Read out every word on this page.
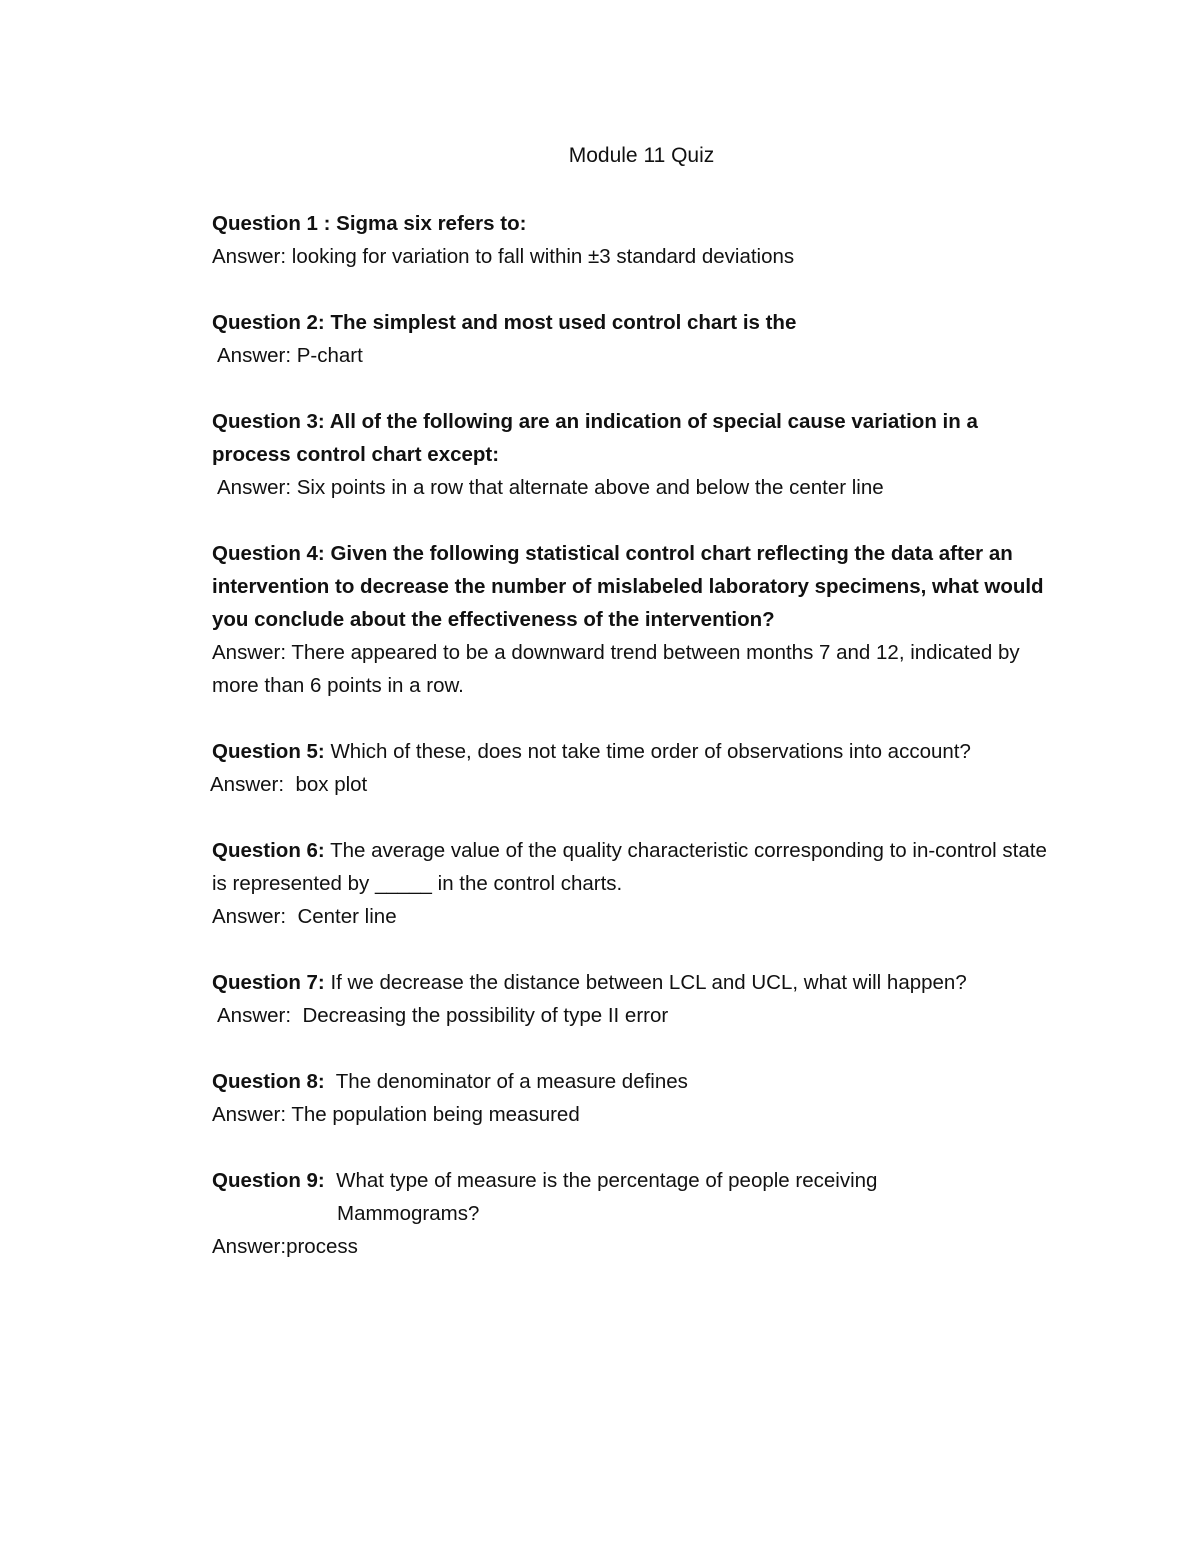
Module 11 Quiz
Question 1 : Sigma six refers to:
Answer: looking for variation to fall within ±3 standard deviations
Question 2: The simplest and most used control chart is the
Answer: P-chart
Question 3: All of the following are an indication of special cause variation in a process control chart except:
Answer: Six points in a row that alternate above and below the center line
Question 4: Given the following statistical control chart reflecting the data after an intervention to decrease the number of mislabeled laboratory specimens, what would you conclude about the effectiveness of the intervention?
Answer: There appeared to be a downward trend between months 7 and 12, indicated by more than 6 points in a row.
Question 5: Which of these, does not take time order of observations into account?
Answer:  box plot
Question 6: The average value of the quality characteristic corresponding to in-control state is represented by _____ in the control charts.
Answer:  Center line
Question 7: If we decrease the distance between LCL and UCL, what will happen?
Answer:  Decreasing the possibility of type II error
Question 8:  The denominator of a measure defines
Answer: The population being measured
Question 9:  What type of measure is the percentage of people receiving
Mammograms?
Answer:process
